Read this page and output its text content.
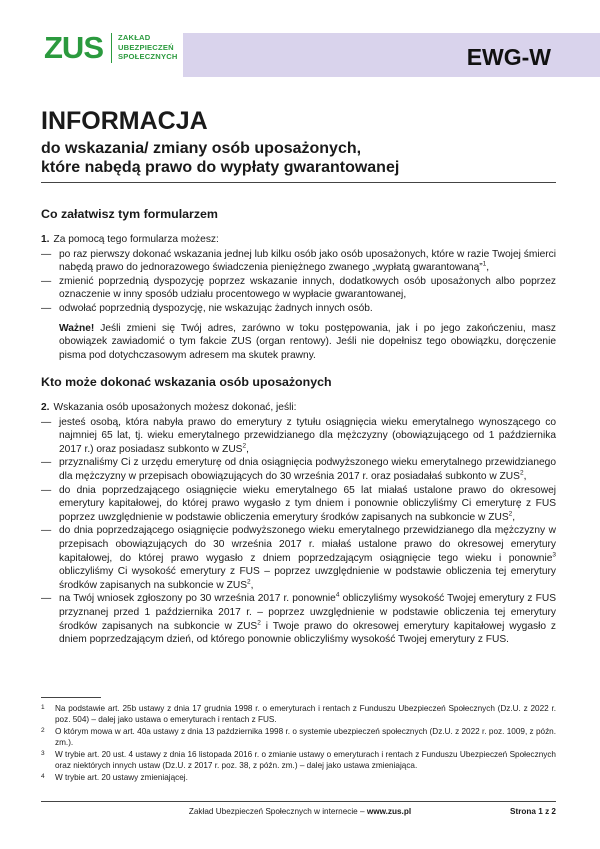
ZUS ZAKŁAD
UBEZPIECZEŃ
SPOŁECZNYCH	EWG-W
INFORMACJA
do wskazania/ zmiany osób uposażonych,
które nabędą prawo do wypłaty gwarantowanej
Co załatwisz tym formularzem

1. Za pomocą tego formularza możesz:

— po raz pierwszy dokonać wskazania jednej lub kilku osób jako osób uposażonych, które w razie Twojej śmierci nabędą prawo do jednorazowego świadczenia pieniężnego zwanego „wypłatą gwarantowaną”$^1$,
— zmienić poprzednią dyspozycję poprzez wskazanie innych, dodatkowych osób uposażonych albo poprzez oznaczenie w inny sposób udziału procentowego w wypłacie gwarantowanej,
— odwołać poprzednią dyspozycję, nie wskazując żadnych innych osób.

Ważne! Jeśli zmieni się Twój adres, zarówno w toku postępowania, jak i po jego zakończeniu, masz obowiązek zawiadomić o tym fakcie ZUS (organ rentowy). Jeśli nie dopełnisz tego obowiązku, doręczenie pisma pod dotychczasowym adresem ma skutek prawny.

Kto może dokonać wskazania osób uposażonych

2. Wskazania osób uposażonych możesz dokonać, jeśli:

— jesteś osobą, która nabyła prawo do emerytury z tytułu osiągnięcia wieku emerytalnego wynoszącego co najmniej 65 lat, tj. wieku emerytalnego przewidzianego dla mężczyzny (obowiązującego od 1 października 2017 r.) oraz posiadasz subkonto w ZUS$^2$,
— przyznaliśmy Ci z urzędu emeryturę od dnia osiągnięcia podwyższonego wieku emerytalnego przewidzianego dla mężczyzny w przepisach obowiązujących do 30 września 2017 r. oraz posiadałaś subkonto w ZUS$^2$,
— do dnia poprzedzającego osiągnięcie wieku emerytalnego 65 lat miałaś ustalone prawo do okresowej emerytury kapitałowej, do której prawo wygasło z tym dniem i ponownie obliczyliśmy Ci emeryturę z FUS poprzez uwzględnienie w podstawie obliczenia emerytury środków zapisanych na subkoncie w ZUS$^2$,
— do dnia poprzedzającego osiągnięcie podwyższonego wieku emerytalnego przewidzianego dla mężczyzny w przepisach obowiązujących do 30 września 2017 r. miałaś ustalone prawo do okresowej emerytury kapitałowej, do której prawo wygasło z dniem poprzedzającym osiągnięcie tego wieku i ponownie$^3$ obliczyliśmy Ci wysokość emerytury z FUS – poprzez uwzględnienie w podstawie obliczenia tej emerytury środków zapisanych na subkoncie w ZUS$^2$,
— na Twój wniosek zgłoszony po 30 września 2017 r. ponownie$^4$ obliczyliśmy wysokość Twojej emerytury z FUS przyznanej przed 1 października 2017 r. – poprzez uwzględnienie w podstawie obliczenia tej emerytury środków zapisanych na subkoncie w ZUS$^2$ i Twoje prawo do okresowej emerytury kapitałowej wygasło z dniem poprzedzającym dzień, od którego ponownie obliczyliśmy wysokość Twojej emerytury z FUS.
1 Na podstawie art. 25b ustawy z dnia 17 grudnia 1998 r. o emeryturach i rentach z Funduszu Ubezpieczeń Społecznych (Dz.U. z 2022 r. poz. 504) – dalej jako ustawa o emeryturach i rentach z FUS.
2 O którym mowa w art. 40a ustawy z dnia 13 października 1998 r. o systemie ubezpieczeń społecznych (Dz.U. z 2022 r. poz. 1009, z późn. zm.).
3 W trybie art. 20 ust. 4 ustawy z dnia 16 listopada 2016 r. o zmianie ustawy o emeryturach i rentach z Funduszu Ubezpieczeń Społecznych oraz niektórych innych ustaw (Dz.U. z 2017 r. poz. 38, z późn. zm.) – dalej jako ustawa zmieniająca.
4 W trybie art. 20 ustawy zmieniającej.
Zakład Ubezpieczeń Społecznych w internecie – www.zus.pl	Strona 1 z 2
